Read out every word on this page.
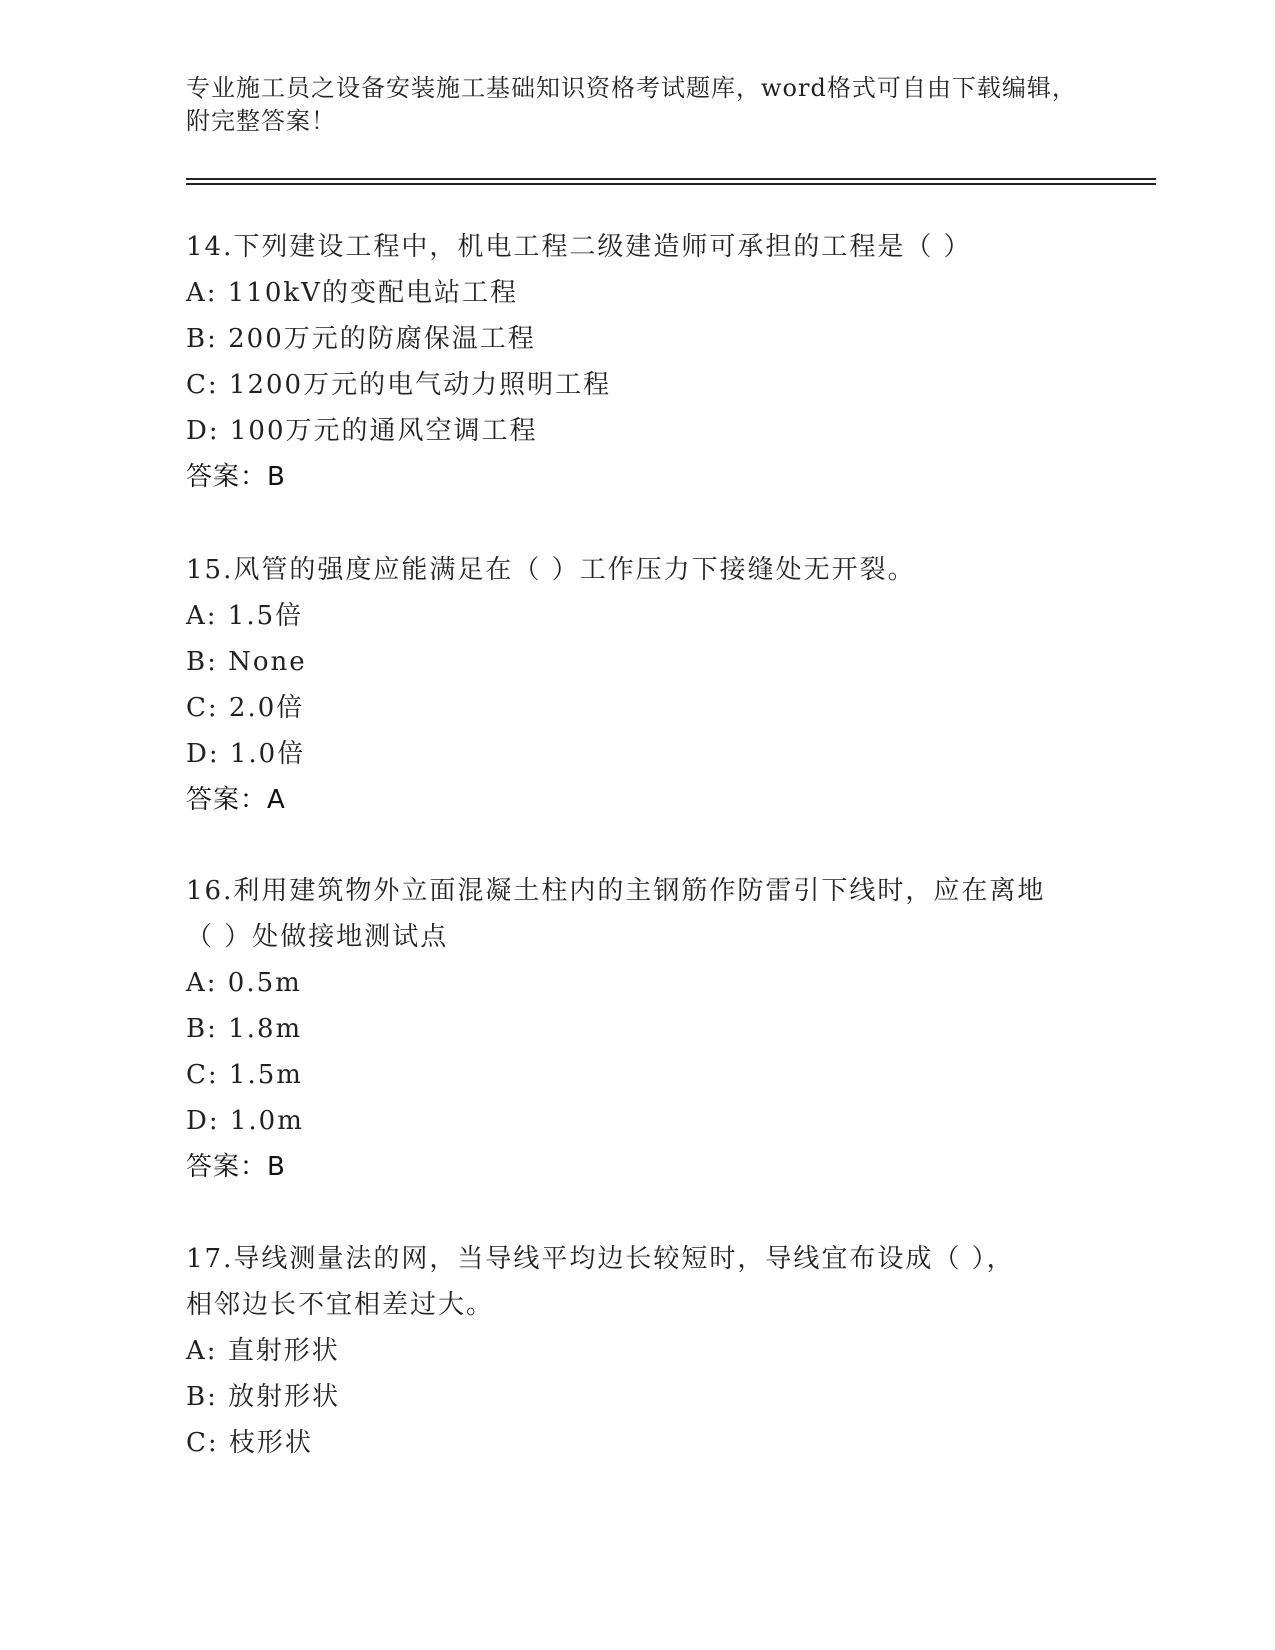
专业施工员之设备安装施工基础知识资格考试题库，word格式可自由下载编辑，
附完整答案！
14.下列建设工程中，机电工程二级建造师可承担的工程是（ ）
A: 110kV的变配电站工程
B: 200万元的防腐保温工程
C: 1200万元的电气动力照明工程
D: 100万元的通风空调工程
答案：B
15.风管的强度应能满足在（ ）工作压力下接缝处无开裂。
A: 1.5倍
B: None
C: 2.0倍
D: 1.0倍
答案：A
16.利用建筑物外立面混凝土柱内的主钢筋作防雷引下线时，应在离地
（ ）处做接地测试点
A: 0.5m
B: 1.8m
C: 1.5m
D: 1.0m
答案：B
17.导线测量法的网，当导线平均边长较短时，导线宜布设成（ ），
相邻边长不宜相差过大。
A: 直射形状
B: 放射形状
C: 枝形状
